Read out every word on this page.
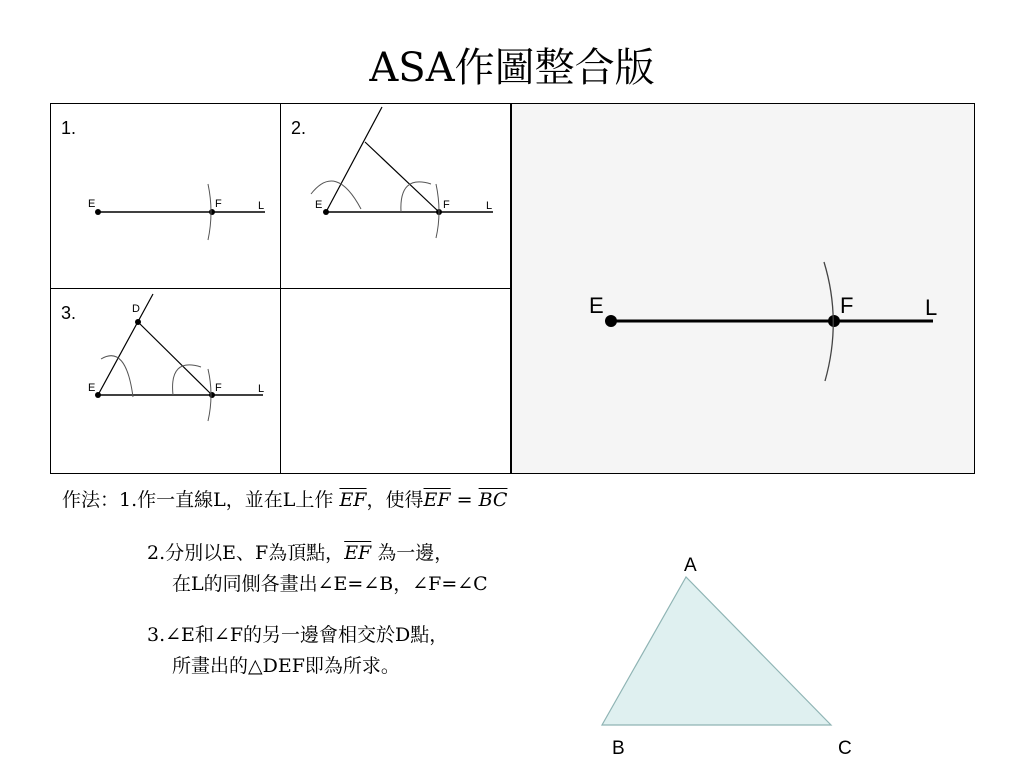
ASA作圖整合版
1.
E	F	L
2.
E	F	L
3.
E	F	L
D	E	F	L
作法：1.作一直線L，並在L上作 $\overline{EF}$，使得$\overline{EF} = \overline{BC}$
2.分別以E、F為頂點，$\overline{EF}$ 為一邊，
在L的同側各畫出∠E=∠B，∠F=∠C
3.∠E和∠F的另一邊會相交於D點，
所畫出的△DEF即為所求。
A
B	C
